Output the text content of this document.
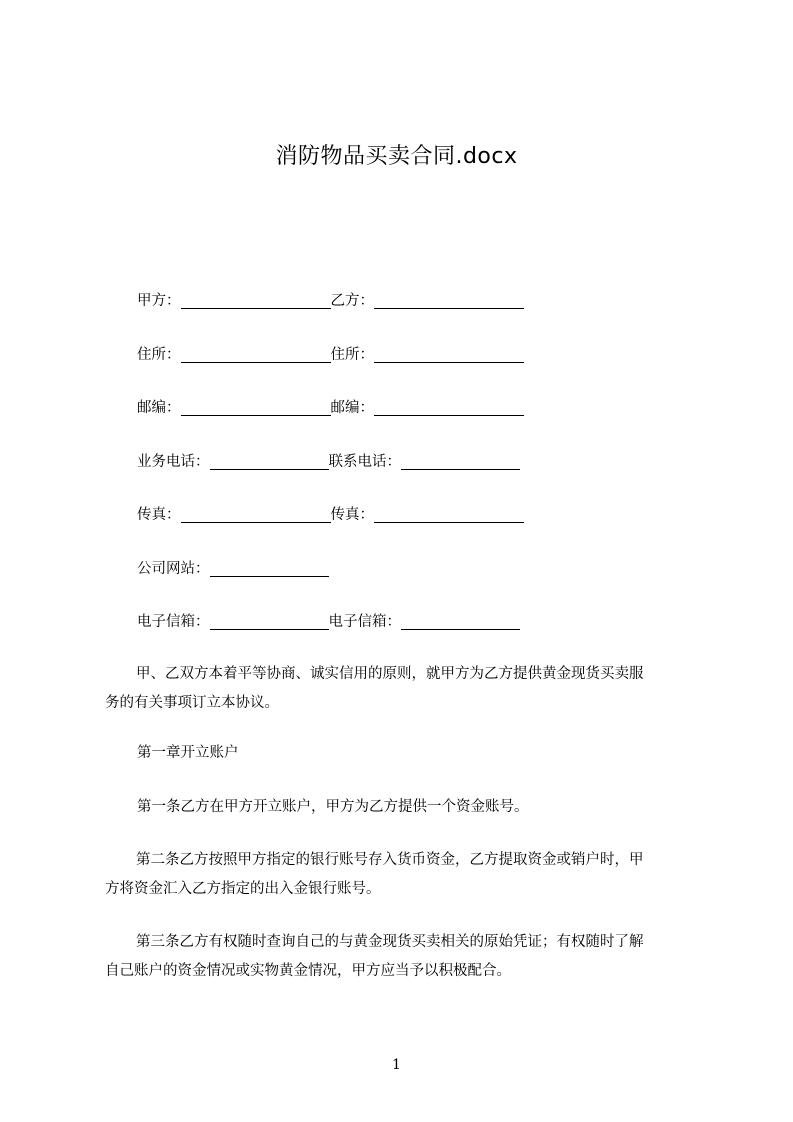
消防物品买卖合同.docx
甲方：	乙方：
住所：	住所：
邮编：	邮编：
业务电话：	联系电话：
传真：	传真：
公司网站：
电子信箱：	电子信箱：
甲、乙双方本着平等协商、诚实信用的原则，就甲方为乙方提供黄金现货买卖服
务的有关事项订立本协议。
第一章开立账户
第一条乙方在甲方开立账户，甲方为乙方提供一个资金账号。
第二条乙方按照甲方指定的银行账号存入货币资金，乙方提取资金或销户时，甲
方将资金汇入乙方指定的出入金银行账号。
第三条乙方有权随时查询自己的与黄金现货买卖相关的原始凭证；有权随时了解
自己账户的资金情况或实物黄金情况，甲方应当予以积极配合。
1
